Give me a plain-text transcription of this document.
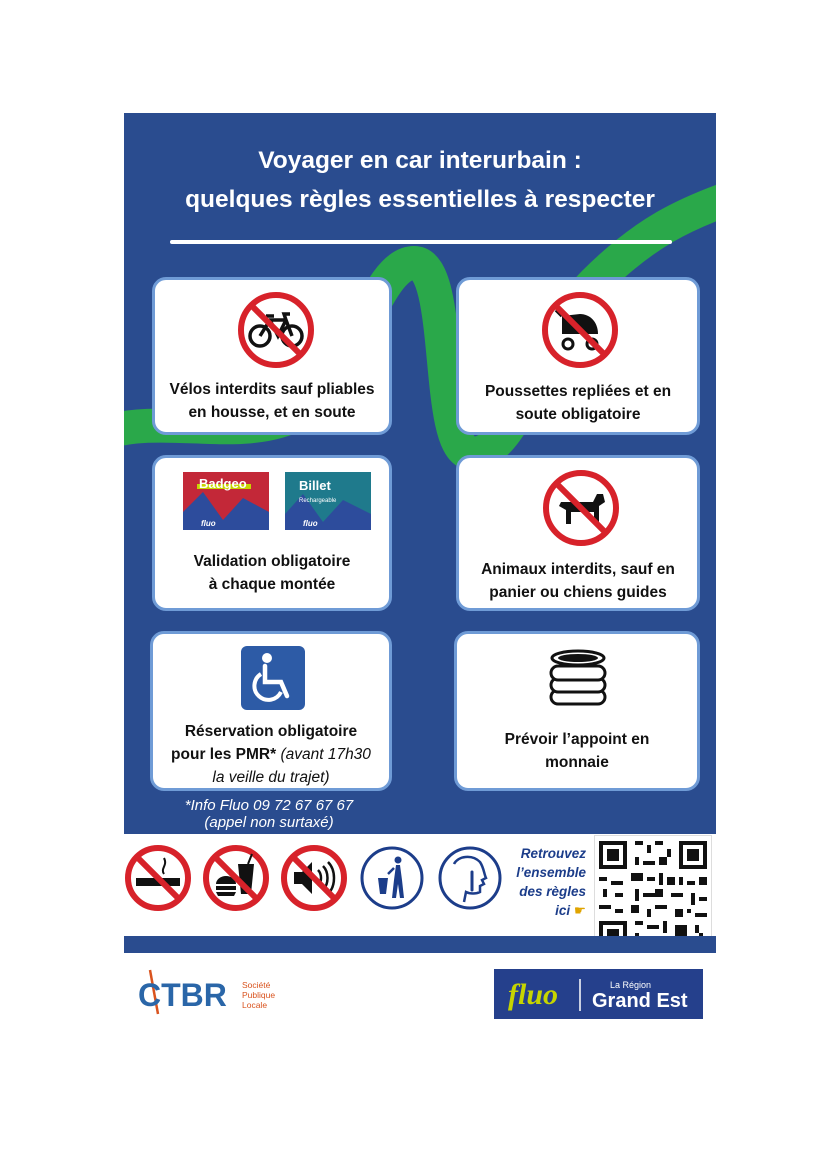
Voyager en car interurbain :
quelques règles essentielles à respecter
Vélos interdits sauf pliables
en housse, et en soute
Poussettes repliées et en
soute obligatoire
Badgeo
fluo
Billet
Rechargeable
fluo
Validation obligatoire
à chaque montée
Animaux interdits, sauf en
panier ou chiens guides
Réservation obligatoire
pour les PMR* (avant 17h30
la veille du trajet)
Prévoir l’appoint en
monnaie
*Info Fluo 09 72 67 67 67
(appel non surtaxé)
Retrouvez
l’ensemble
des règles
ici ☛
CTBR Société
Publique
Locale	fluo	La Région
Grand Est
